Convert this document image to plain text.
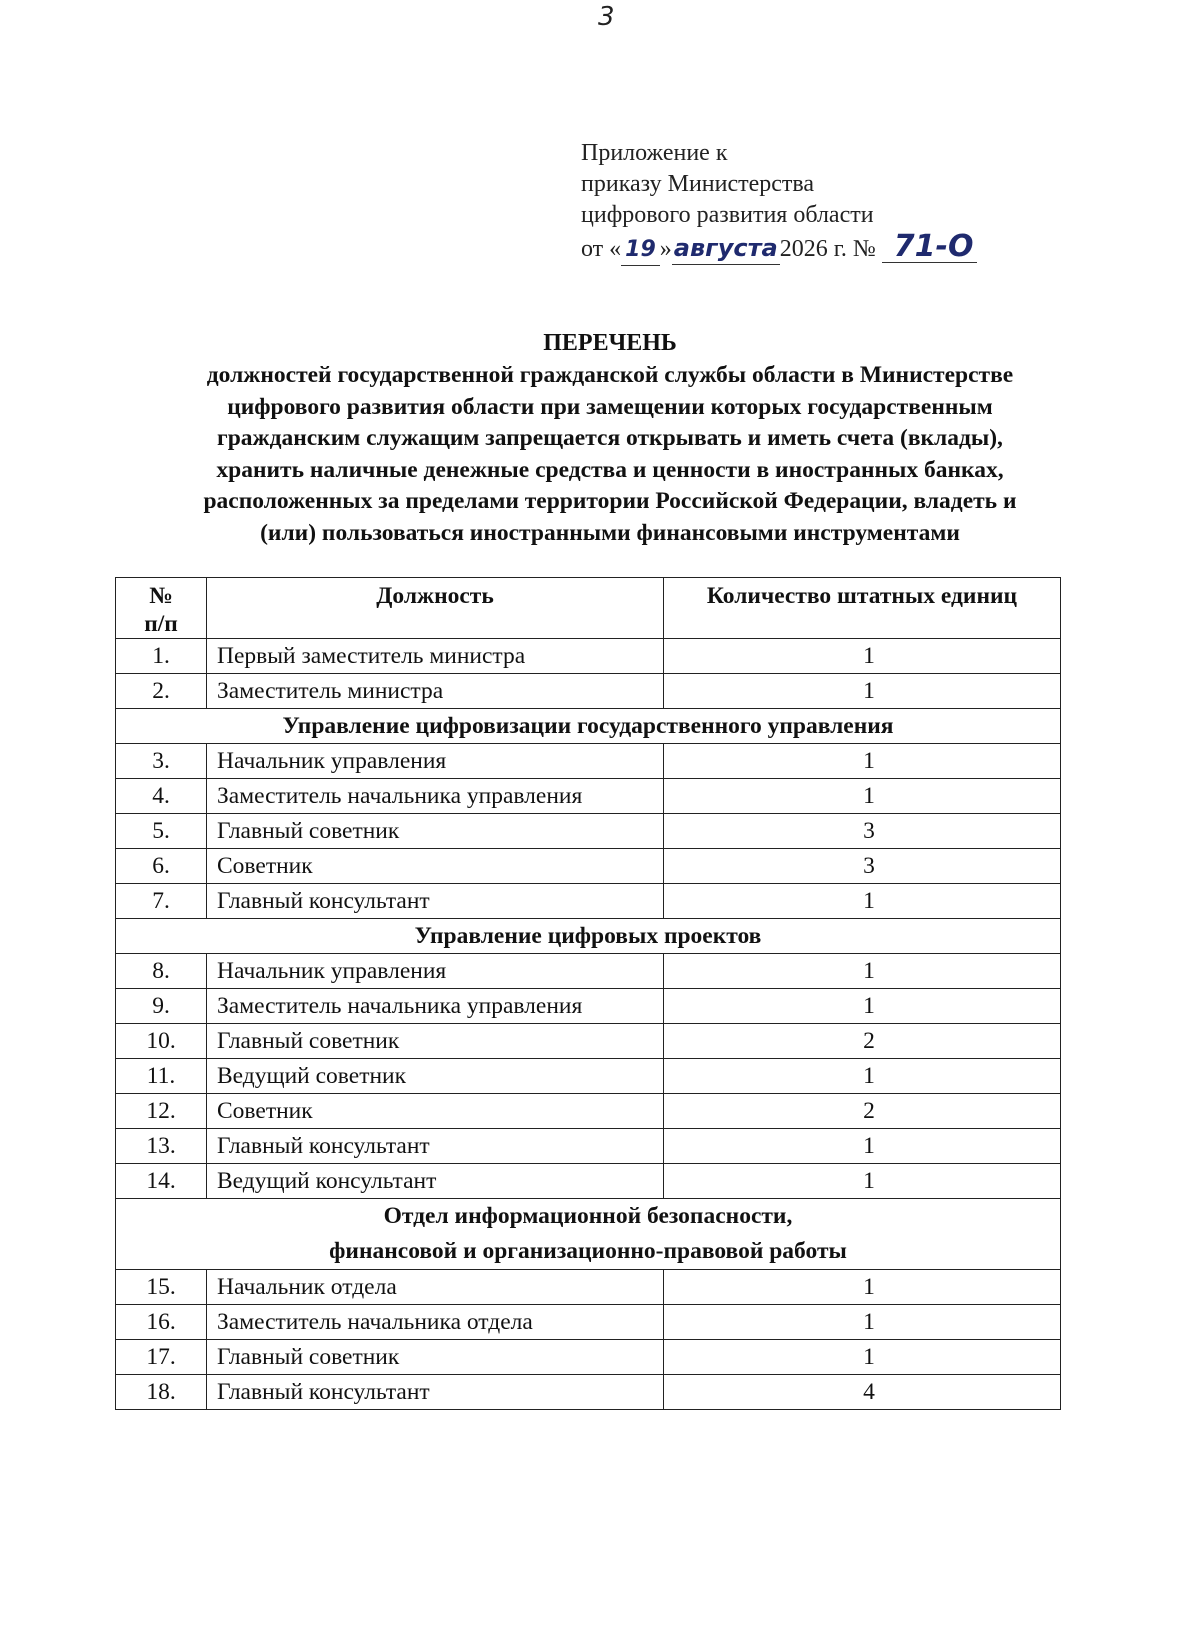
3
Приложение к
приказу Министерства
цифрового развития области
от « 19 »августа2026 г. № 71-О
ПЕРЕЧЕНЬ
должностей государственной гражданской службы области в Министерстве
цифрового развития области при замещении которых государственным
гражданским служащим запрещается открывать и иметь счета (вклады),
хранить наличные денежные средства и ценности в иностранных банках,
расположенных за пределами территории Российской Федерации, владеть и
(или) пользоваться иностранными финансовыми инструментами
№
п/п	Должность	Количество штатных единиц
1.	Первый заместитель министра	1
2.	Заместитель министра	1
Управление цифровизации государственного управления		
3.	Начальник управления	1
4.	Заместитель начальника управления	1
5.	Главный советник	3
6.	Советник	3
7.	Главный консультант	1
Управление цифровых проектов		
8.	Начальник управления	1
9.	Заместитель начальника управления	1
10.	Главный советник	2
11.	Ведущий советник	1
12.	Советник	2
13.	Главный консультант	1
14.	Ведущий консультант	1

Отдел информационной безопасности,
финансовой и организационно-правовой работы		

15.	Начальник отдела	1
16.	Заместитель начальника отдела	1
17.	Главный советник	1
18.	Главный консультант	4
